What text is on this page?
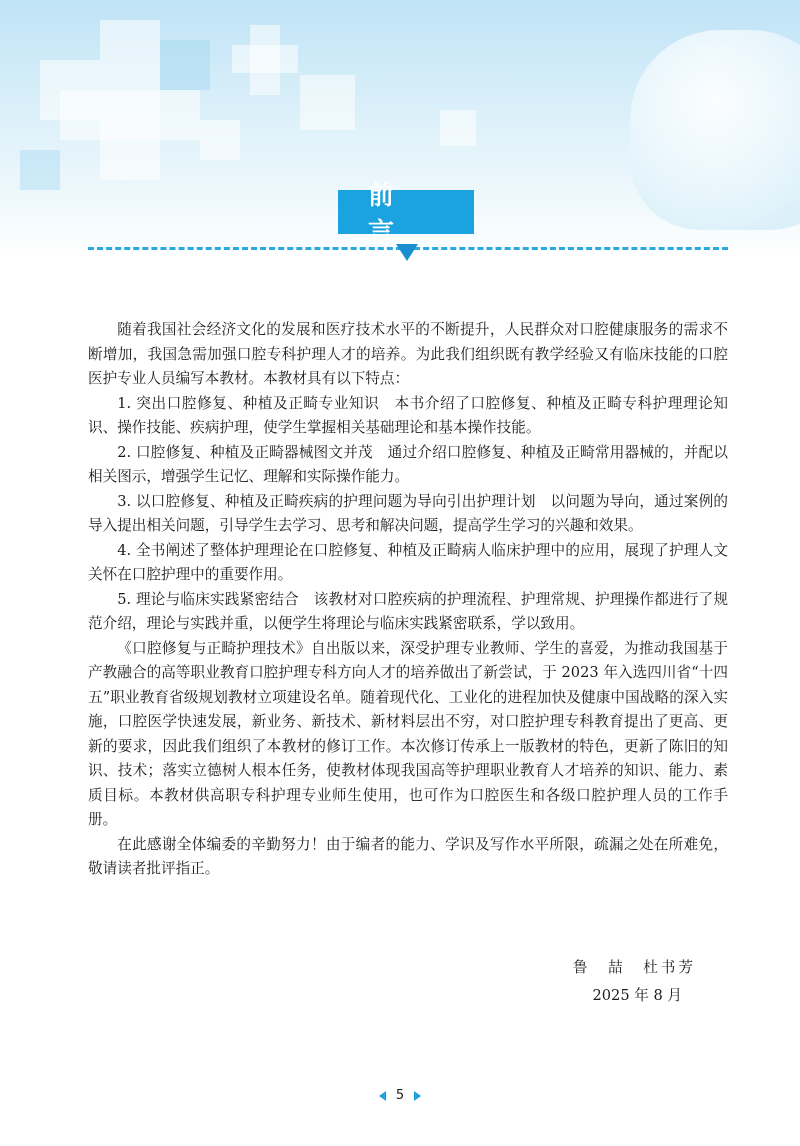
前言

随着我国社会经济文化的发展和医疗技术水平的不断提升，人民群众对口腔健康服务的需求不断增加，我国急需加强口腔专科护理人才的培养。为此我们组织既有教学经验又有临床技能的口腔医护专业人员编写本教材。本教材具有以下特点：

1. 突出口腔修复、种植及正畸专业知识　本书介绍了口腔修复、种植及正畸专科护理理论知识、操作技能、疾病护理，使学生掌握相关基础理论和基本操作技能。

2. 口腔修复、种植及正畸器械图文并茂　通过介绍口腔修复、种植及正畸常用器械的，并配以相关图示，增强学生记忆、理解和实际操作能力。

3. 以口腔修复、种植及正畸疾病的护理问题为导向引出护理计划　以问题为导向，通过案例的导入提出相关问题，引导学生去学习、思考和解决问题，提高学生学习的兴趣和效果。

4. 全书阐述了整体护理理论在口腔修复、种植及正畸病人临床护理中的应用，展现了护理人文关怀在口腔护理中的重要作用。

5. 理论与临床实践紧密结合　该教材对口腔疾病的护理流程、护理常规、护理操作都进行了规范介绍，理论与实践并重，以便学生将理论与临床实践紧密联系，学以致用。

《口腔修复与正畸护理技术》自出版以来，深受护理专业教师、学生的喜爱，为推动我国基于产教融合的高等职业教育口腔护理专科方向人才的培养做出了新尝试，于 2023 年入选四川省“十四五”职业教育省级规划教材立项建设名单。随着现代化、工业化的进程加快及健康中国战略的深入实施，口腔医学快速发展，新业务、新技术、新材料层出不穷，对口腔护理专科教育提出了更高、更新的要求，因此我们组织了本教材的修订工作。本次修订传承上一版教材的特色，更新了陈旧的知识、技术；落实立德树人根本任务，使教材体现我国高等护理职业教育人才培养的知识、能力、素质目标。本教材供高职专科护理专业师生使用，也可作为口腔医生和各级口腔护理人员的工作手册。

在此感谢全体编委的辛勤努力！由于编者的能力、学识及写作水平所限，疏漏之处在所难免，敬请读者批评指正。

鲁　喆　杜书芳
2025 年 8 月
5
